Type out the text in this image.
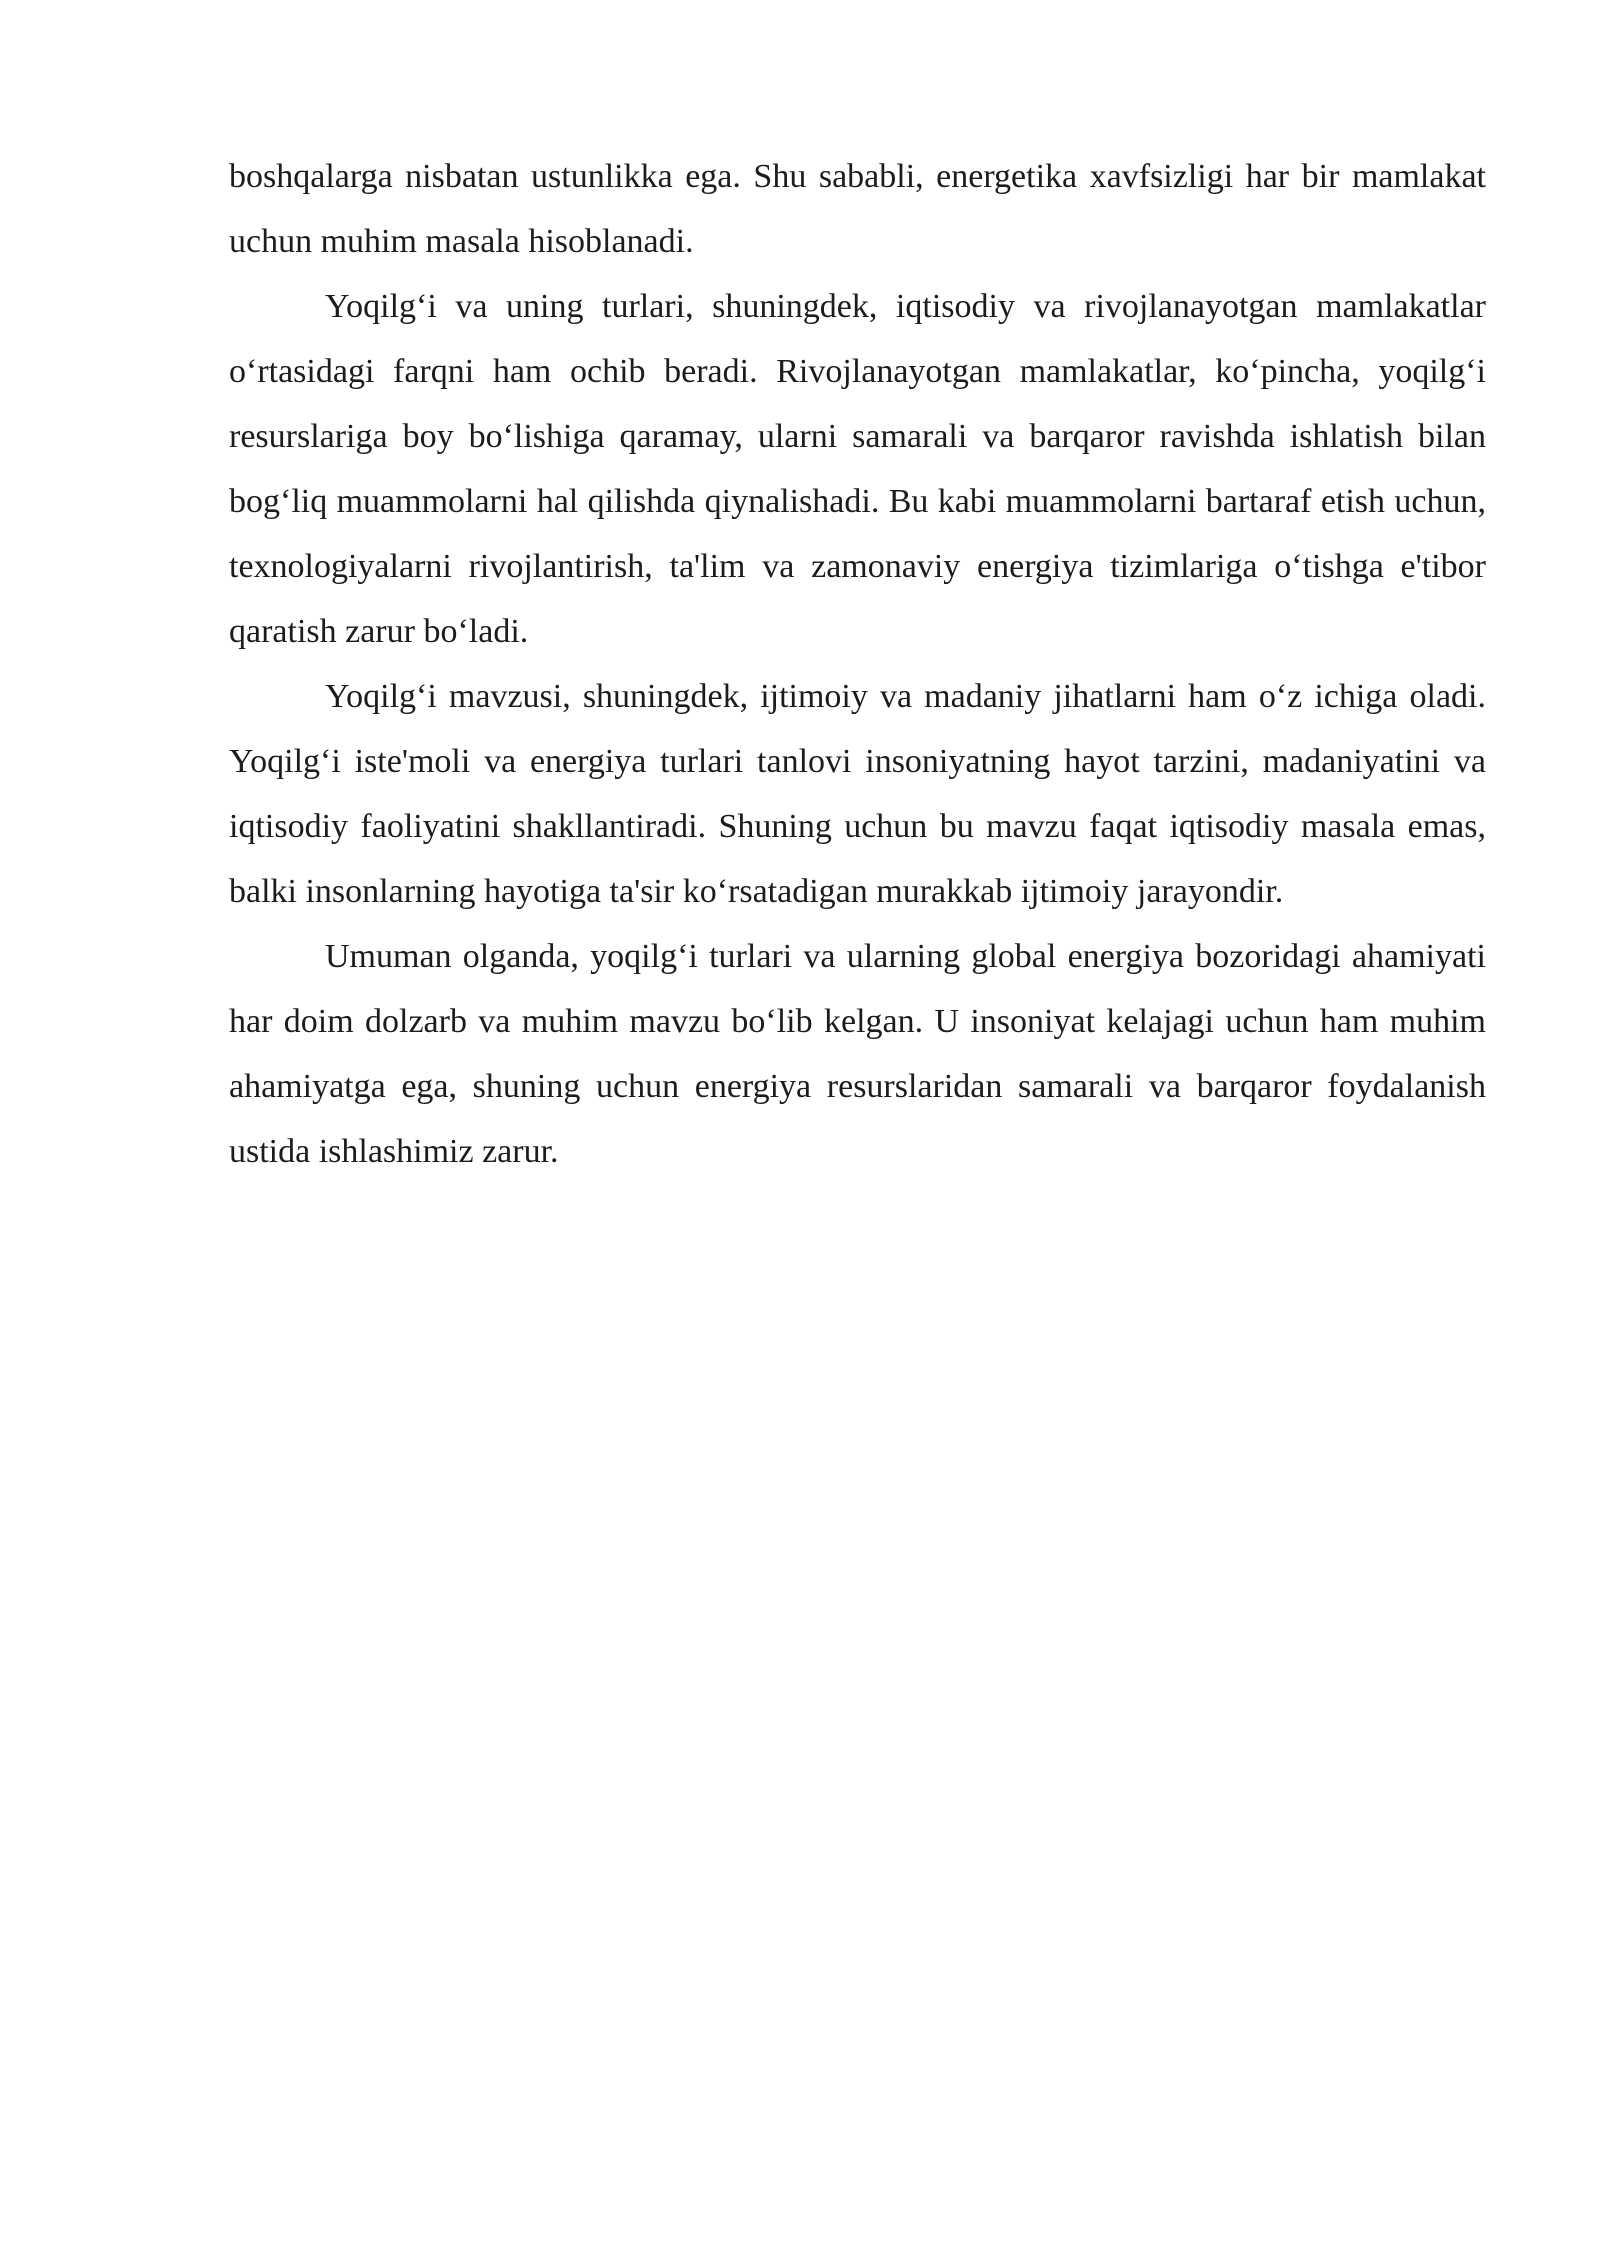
boshqalarga nisbatan ustunlikka ega. Shu sababli, energetika xavfsizligi har bir mamlakat uchun muhim masala hisoblanadi.

Yoqilg‘i va uning turlari, shuningdek, iqtisodiy va rivojlanayotgan mamlakatlar o‘rtasidagi farqni ham ochib beradi. Rivojlanayotgan mamlakatlar, ko‘pincha, yoqilg‘i resurslariga boy bo‘lishiga qaramay, ularni samarali va barqaror ravishda ishlatish bilan bog‘liq muammolarni hal qilishda qiynalishadi. Bu kabi muammolarni bartaraf etish uchun, texnologiyalarni rivojlantirish, ta'lim va zamonaviy energiya tizimlariga o‘tishga e'tibor qaratish zarur bo‘ladi.

Yoqilg‘i mavzusi, shuningdek, ijtimoiy va madaniy jihatlarni ham o‘z ichiga oladi. Yoqilg‘i iste'moli va energiya turlari tanlovi insoniyatning hayot tarzini, madaniyatini va iqtisodiy faoliyatini shakllantiradi. Shuning uchun bu mavzu faqat iqtisodiy masala emas, balki insonlarning hayotiga ta'sir ko‘rsatadigan murakkab ijtimoiy jarayondir.

Umuman olganda, yoqilg‘i turlari va ularning global energiya bozoridagi ahamiyati har doim dolzarb va muhim mavzu bo‘lib kelgan. U insoniyat kelajagi uchun ham muhim ahamiyatga ega, shuning uchun energiya resurslaridan samarali va barqaror foydalanish ustida ishlashimiz zarur.
